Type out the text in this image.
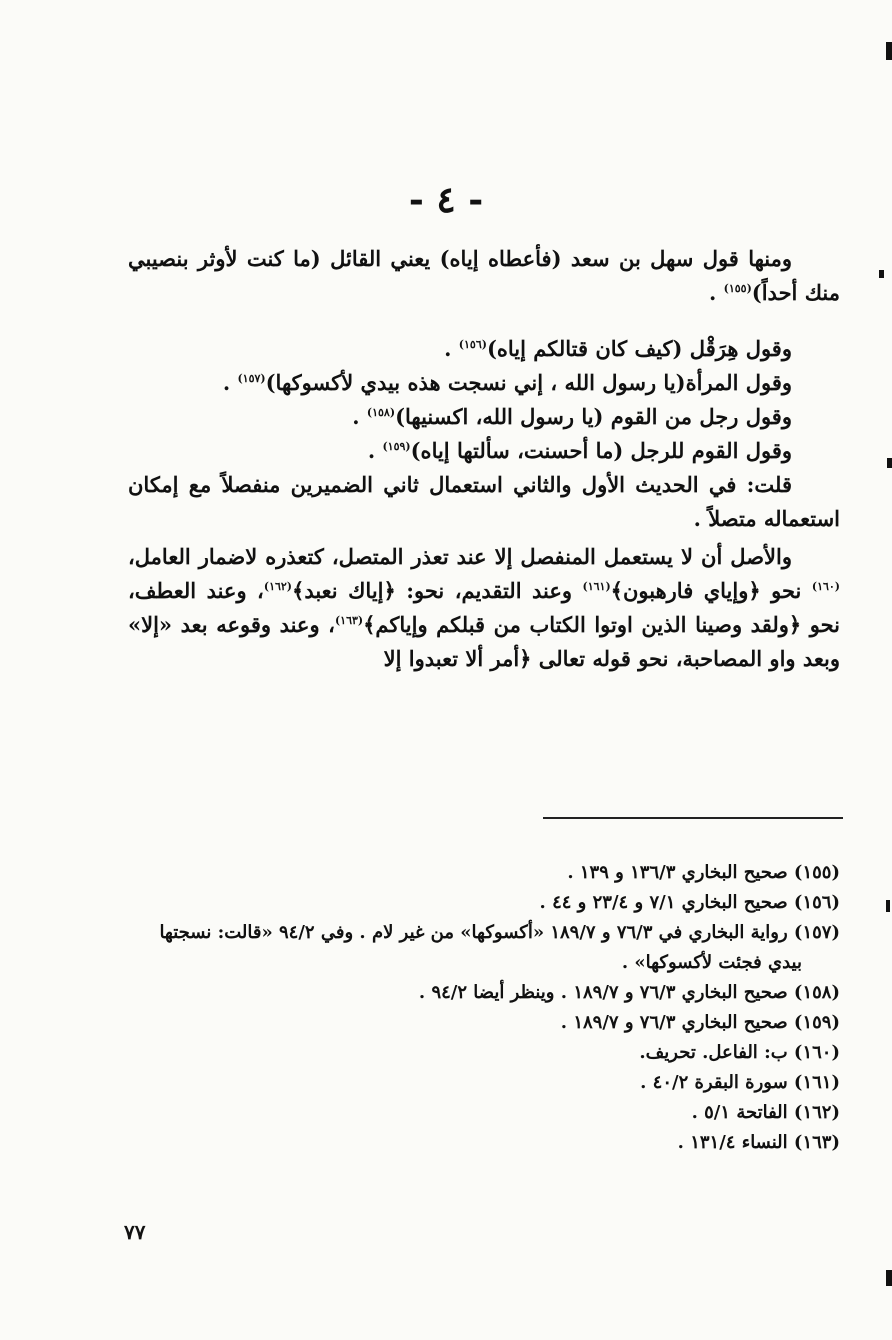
- ٤ -

ومنها قول سهل بن سعد (فأعطاه إياه) يعني القائل (ما كنت لأوثر بنصيبي منك أحداً)$^{(١٥٥)}$ .

وقول هِرَقْل (كيف كان قتالكم إياه)$^{(١٥٦)}$ .

وقول المرأة(يا رسول الله ، إني نسجت هذه بيدي لأكسوكها)$^{(١٥٧)}$ .

وقول رجل من القوم (يا رسول الله، اكسنيها)$^{(١٥٨)}$ .

وقول القوم للرجل (ما أحسنت، سألتها إياه)$^{(١٥٩)}$ .

قلت: في الحديث الأول والثاني استعمال ثاني الضميرين منفصلاً مع إمكان استعماله متصلاً .

والأصل أن لا يستعمل المنفصل إلا عند تعذر المتصل، كتعذره لاضمار العامل،$^{(١٦٠)}$ نحو ﴿وإياي فارهبون﴾$^{(١٦١)}$ وعند التقديم، نحو: ﴿إياك نعبد﴾$^{(١٦٢)}$، وعند العطف، نحو ﴿ولقد وصينا الذين اوتوا الكتاب من قبلكم وإياكم﴾$^{(١٦٣)}$، وعند وقوعه بعد «إلا» وبعد واو المصاحبة، نحو قوله تعالى ﴿أمر ألا تعبدوا إلا

(١٥٥) صحيح البخاري ١٣٦/٣ و ١٣٩ .

(١٥٦) صحيح البخاري ٧/١ و ٢٣/٤ و ٤٤ .

(١٥٧) رواية البخاري في ٧٦/٣ و ١٨٩/٧ «أكسوكها» من غير لام . وفي ٩٤/٢ «قالت: نسجتها

بيدي فجئت لأكسوكها» .

(١٥٨) صحيح البخاري ٧٦/٣ و ١٨٩/٧ . وينظر أيضا ٩٤/٢ .

(١٥٩) صحيح البخاري ٧٦/٣ و ١٨٩/٧ .

(١٦٠) ب: الفاعل. تحريف.

(١٦١) سورة البقرة ٤٠/٢ .

(١٦٢) الفاتحة ٥/١ .

(١٦٣) النساء ١٣١/٤ .

٧٧
